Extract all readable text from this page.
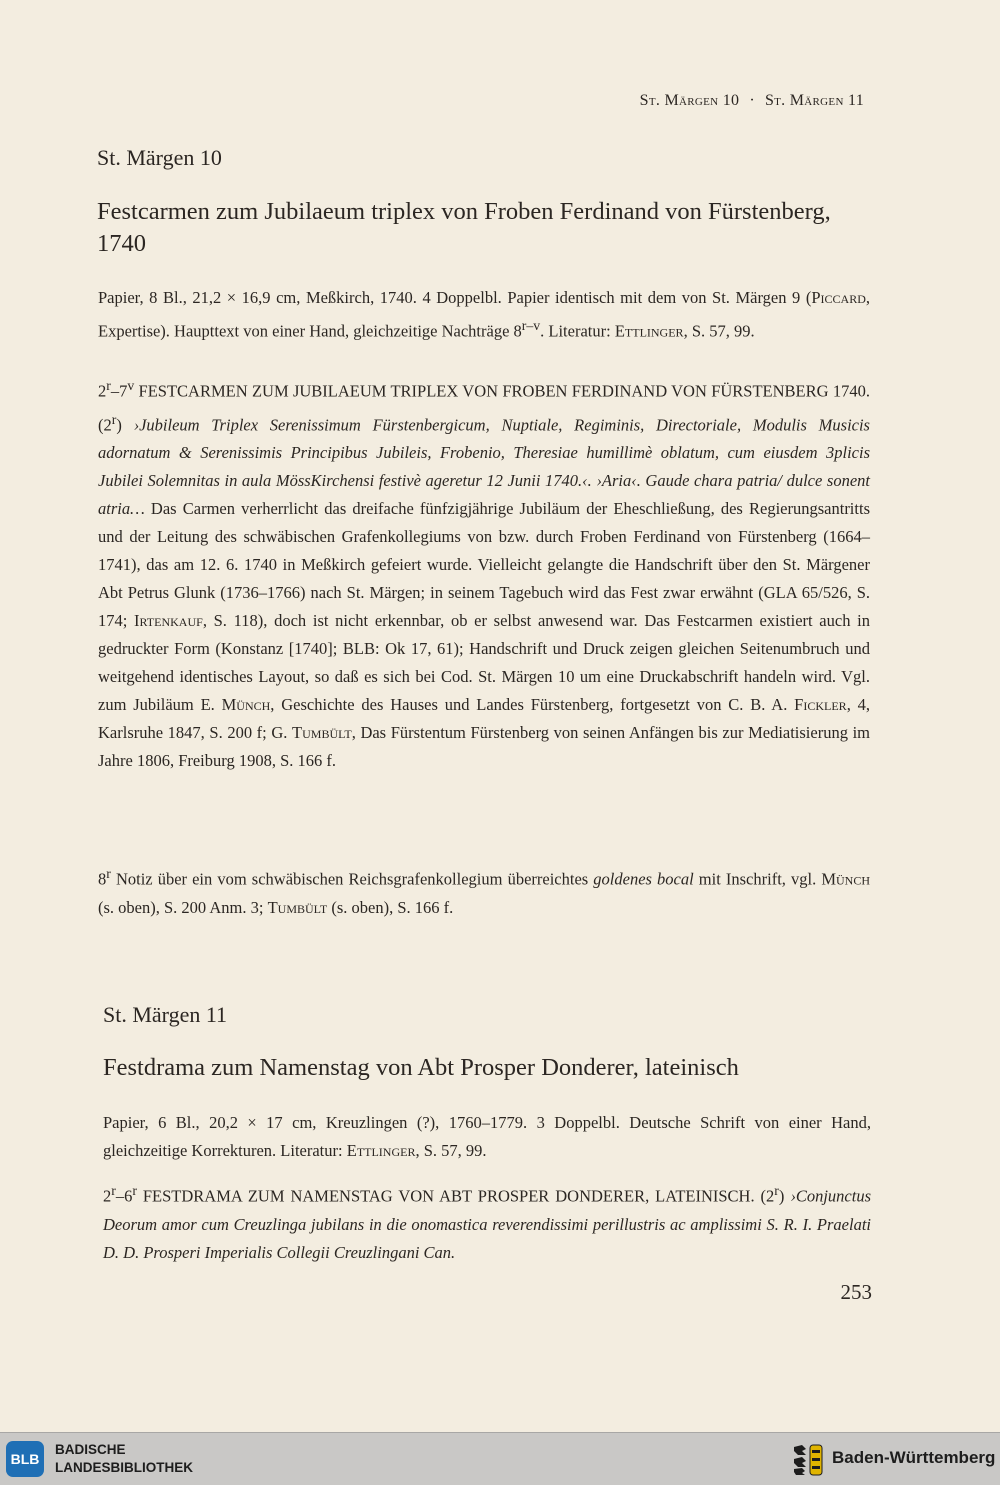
St. Märgen 10 · St. Märgen 11
St. Märgen 10
Festcarmen zum Jubilaeum triplex von Froben Ferdinand von Fürstenberg, 1740
Papier, 8 Bl., 21,2 × 16,9 cm, Meßkirch, 1740. 4 Doppelbl. Papier identisch mit dem von St. Märgen 9 (Piccard, Expertise). Haupttext von einer Hand, gleichzeitige Nachträge 8$^{r-v}$. Literatur: Ettlinger, S. 57, 99.
2$^r$–7$^v$ FESTCARMEN ZUM JUBILAEUM TRIPLEX VON FROBEN FERDINAND VON FÜRSTENBERG 1740. (2$^r$) ›Jubileum Triplex Serenissimum Fürstenbergicum, Nuptiale, Regiminis, Directoriale, Modulis Musicis adornatum & Serenissimis Principibus Jubileis, Frobenio, Theresiae humillimè oblatum, cum eiusdem 3plicis Jubilei Solemnitas in aula MössKirchensi festivè ageretur 12 Junii 1740.‹. ›Aria‹. Gaude chara patria/ dulce sonent atria… Das Carmen verherrlicht das dreifache fünfzigjährige Jubiläum der Eheschließung, des Regierungsantritts und der Leitung des schwäbischen Grafenkollegiums von bzw. durch Froben Ferdinand von Fürstenberg (1664–1741), das am 12. 6. 1740 in Meßkirch gefeiert wurde. Vielleicht gelangte die Handschrift über den St. Märgener Abt Petrus Glunk (1736–1766) nach St. Märgen; in seinem Tagebuch wird das Fest zwar erwähnt (GLA 65/526, S. 174; Irtenkauf, S. 118), doch ist nicht erkennbar, ob er selbst anwesend war. Das Festcarmen existiert auch in gedruckter Form (Konstanz [1740]; BLB: Ok 17, 61); Handschrift und Druck zeigen gleichen Seitenumbruch und weitgehend identisches Layout, so daß es sich bei Cod. St. Märgen 10 um eine Druckabschrift handeln wird. Vgl. zum Jubiläum E. Münch, Geschichte des Hauses und Landes Fürstenberg, fortgesetzt von C. B. A. Fickler, 4, Karlsruhe 1847, S. 200 f; G. Tumbült, Das Fürstentum Fürstenberg von seinen Anfängen bis zur Mediatisierung im Jahre 1806, Freiburg 1908, S. 166 f.
8$^r$ Notiz über ein vom schwäbischen Reichsgrafenkollegium überreichtes goldenes bocal mit Inschrift, vgl. Münch (s. oben), S. 200 Anm. 3; Tumbült (s. oben), S. 166 f.
St. Märgen 11
Festdrama zum Namenstag von Abt Prosper Donderer, lateinisch
Papier, 6 Bl., 20,2 × 17 cm, Kreuzlingen (?), 1760–1779. 3 Doppelbl. Deutsche Schrift von einer Hand, gleichzeitige Korrekturen. Literatur: Ettlinger, S. 57, 99.
2$^r$–6$^r$ FESTDRAMA ZUM NAMENSTAG VON ABT PROSPER DONDERER, LATEINISCH. (2$^r$) ›Conjunctus Deorum amor cum Creuzlinga jubilans in die onomastica reverendissimi perillustris ac amplissimi S. R. I. Praelati D. D. Prosperi Imperialis Collegii Creuzlingani Can.
253
BLB
BADISCHE
LANDESBIBLIOTHEK
Baden-Württemberg
